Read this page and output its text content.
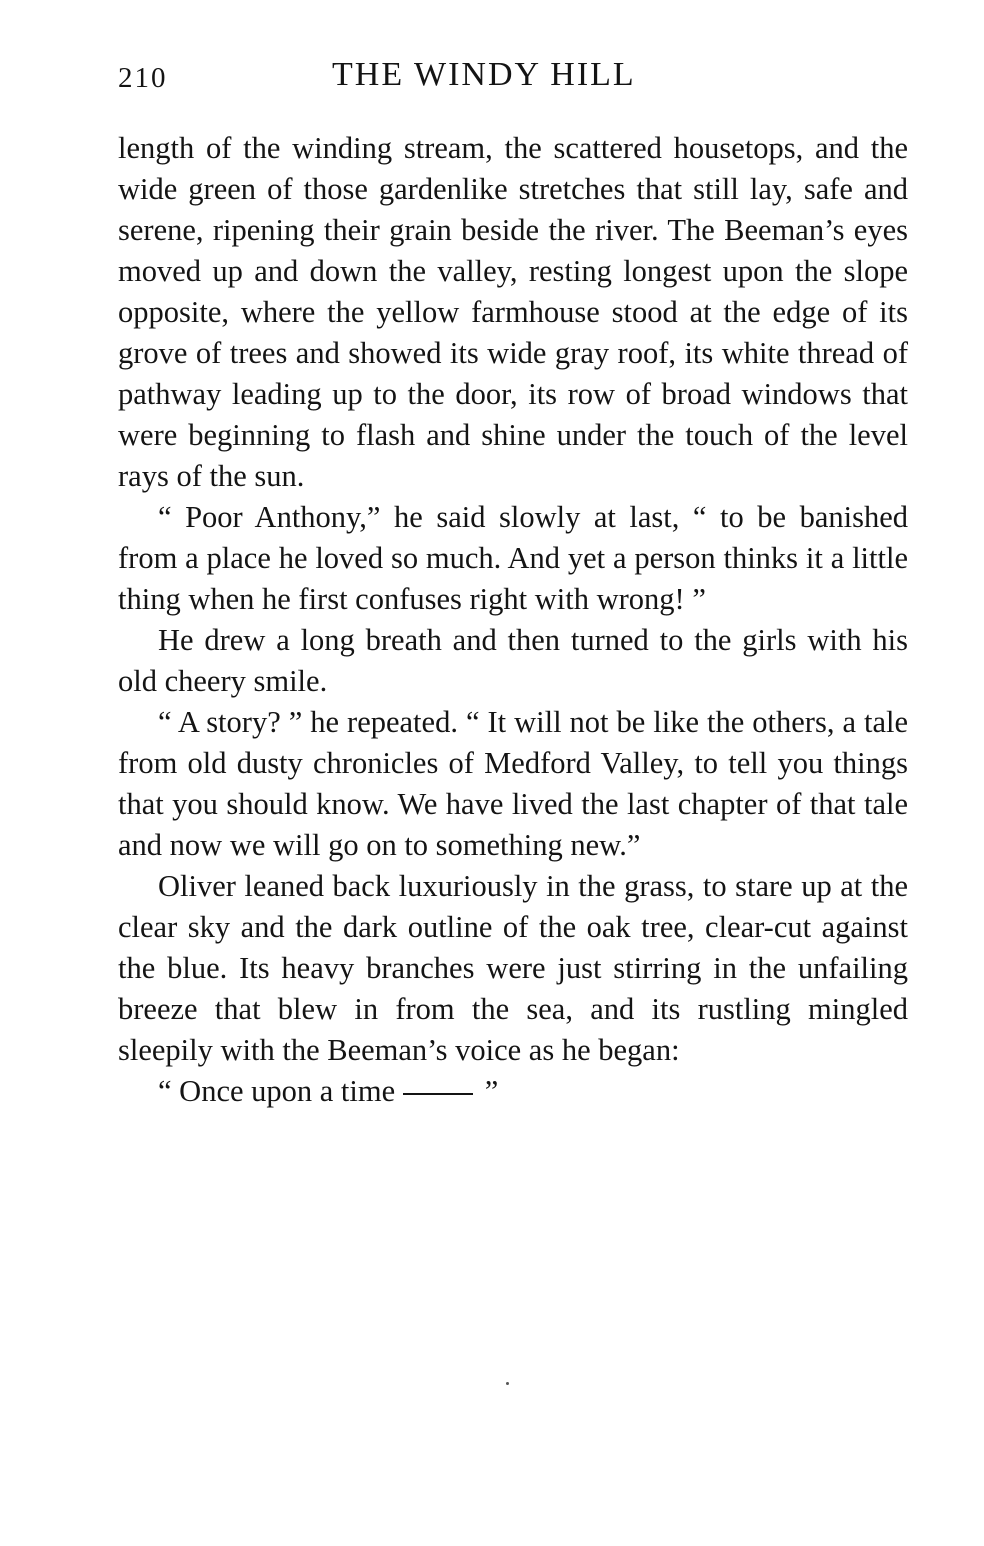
210	THE WINDY HILL

length of the winding stream, the scattered housetops, and the wide green of those gardenlike stretches that still lay, safe and serene, ripening their grain beside the river. The Beeman’s eyes moved up and down the valley, resting longest upon the slope opposite, where the yellow farmhouse stood at the edge of its grove of trees and showed its wide gray roof, its white thread of pathway leading up to the door, its row of broad windows that were beginning to flash and shine under the touch of the level rays of the sun.

“ Poor Anthony,” he said slowly at last, “ to be banished from a place he loved so much. And yet a person thinks it a little thing when he first confuses right with wrong! ”

He drew a long breath and then turned to the girls with his old cheery smile.

“ A story? ” he repeated. “ It will not be like the others, a tale from old dusty chronicles of Medford Valley, to tell you things that you should know. We have lived the last chapter of that tale and now we will go on to something new.”

Oliver leaned back luxuriously in the grass, to stare up at the clear sky and the dark outline of the oak tree, clear-cut against the blue. Its heavy branches were just stirring in the unfailing breeze that blew in from the sea, and its rustling mingled sleepily with the Beeman’s voice as he began:

“ Once upon a time	”
